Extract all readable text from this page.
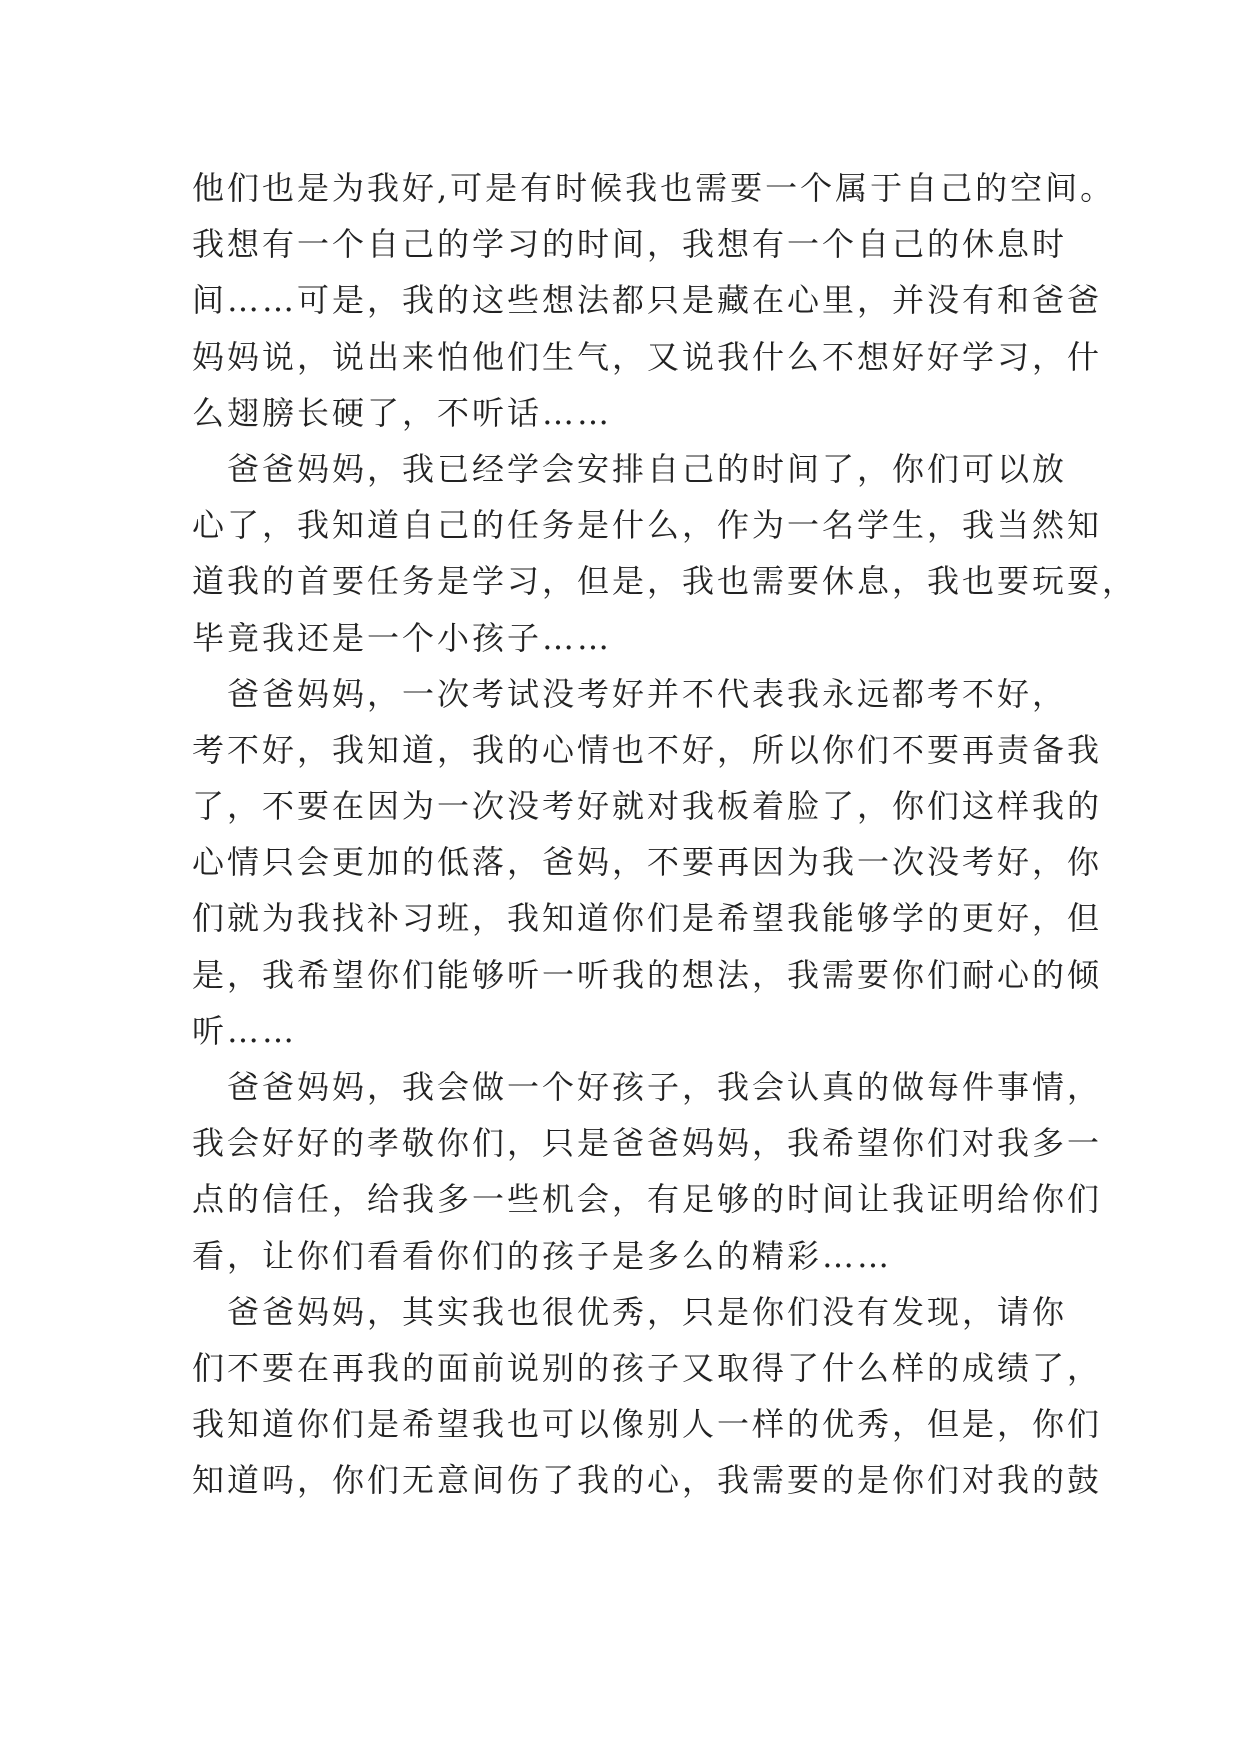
他们也是为我好,可是有时候我也需要一个属于自己的空间。
我想有一个自己的学习的时间，我想有一个自己的休息时
间……可是，我的这些想法都只是藏在心里，并没有和爸爸
妈妈说，说出来怕他们生气，又说我什么不想好好学习，什
么翅膀长硬了，不听话……
　爸爸妈妈，我已经学会安排自己的时间了，你们可以放
心了，我知道自己的任务是什么，作为一名学生，我当然知
道我的首要任务是学习，但是，我也需要休息，我也要玩耍，
毕竟我还是一个小孩子……
　爸爸妈妈，一次考试没考好并不代表我永远都考不好，
考不好，我知道，我的心情也不好，所以你们不要再责备我
了，不要在因为一次没考好就对我板着脸了，你们这样我的
心情只会更加的低落，爸妈，不要再因为我一次没考好，你
们就为我找补习班，我知道你们是希望我能够学的更好，但
是，我希望你们能够听一听我的想法，我需要你们耐心的倾
听……
　爸爸妈妈，我会做一个好孩子，我会认真的做每件事情，
我会好好的孝敬你们，只是爸爸妈妈，我希望你们对我多一
点的信任，给我多一些机会，有足够的时间让我证明给你们
看，让你们看看你们的孩子是多么的精彩……
　爸爸妈妈，其实我也很优秀，只是你们没有发现，请你
们不要在再我的面前说别的孩子又取得了什么样的成绩了，
我知道你们是希望我也可以像别人一样的优秀，但是，你们
知道吗，你们无意间伤了我的心，我需要的是你们对我的鼓
